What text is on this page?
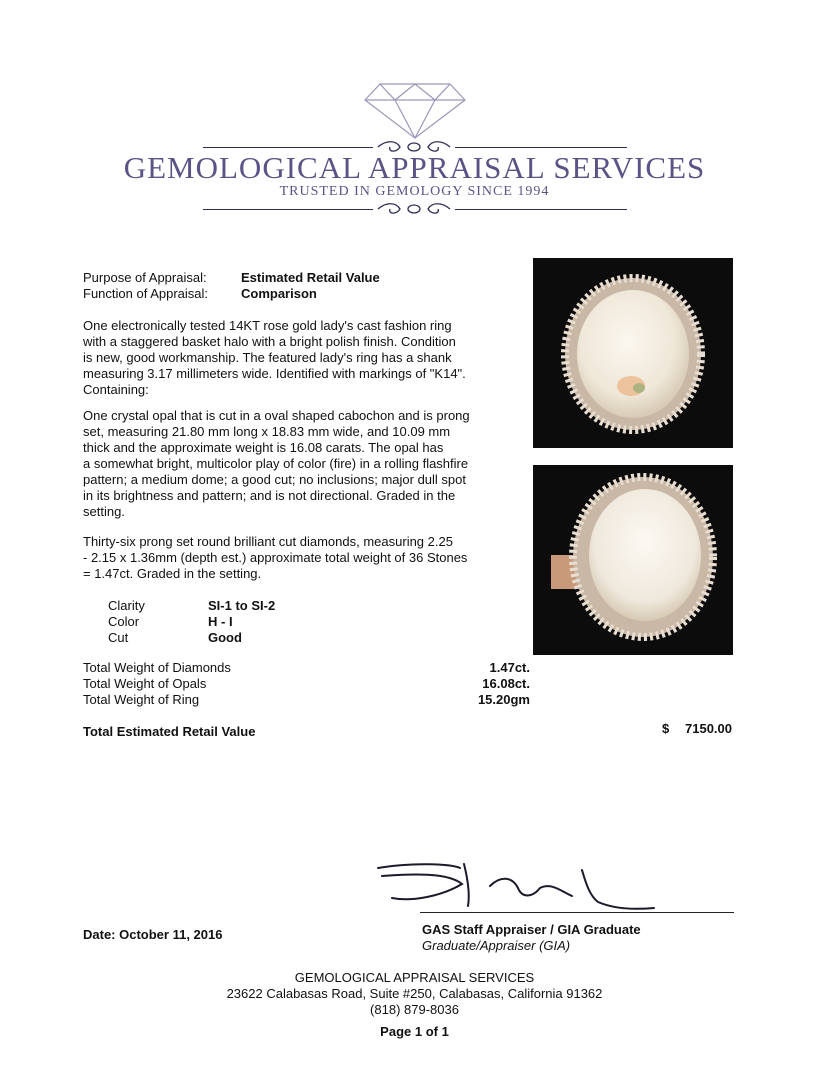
GEMOLOGICAL APPRAISAL SERVICES
TRUSTED IN GEMOLOGY SINCE 1994
Purpose of Appraisal:	Estimated Retail Value
Function of Appraisal:	Comparison
One electronically tested 14KT rose gold lady's cast fashion ring
with a staggered basket halo with a bright polish finish. Condition
is new, good workmanship. The featured lady's ring has a shank
measuring 3.17 millimeters wide. Identified with markings of "K14".
Containing:
One crystal opal that is cut in a oval shaped cabochon and is prong
set, measuring 21.80 mm long x 18.83 mm wide, and 10.09 mm
thick and the approximate weight is 16.08 carats. The opal has
a somewhat bright, multicolor play of color (fire) in a rolling flashfire
pattern; a medium dome; a good cut; no inclusions; major dull spot
in its brightness and pattern; and is not directional. Graded in the
setting.
Thirty-six prong set round brilliant cut diamonds, measuring 2.25
- 2.15 x 1.36mm (depth est.) approximate total weight of 36 Stones
= 1.47ct. Graded in the setting.
Clarity	SI-1 to SI-2
Color	H - I
Cut	Good
Total Weight of Diamonds	1.47ct.
Total Weight of Opals	16.08ct.
Total Weight of Ring	15.20gm
Total Estimated Retail Value	$ 7150.00
Date: October 11, 2016	GAS Staff Appraiser / GIA Graduate
Graduate/Appraiser (GIA)
GEMOLOGICAL APPRAISAL SERVICES
23622 Calabasas Road, Suite #250, Calabasas, California 91362
(818) 879-8036
Page 1 of 1
